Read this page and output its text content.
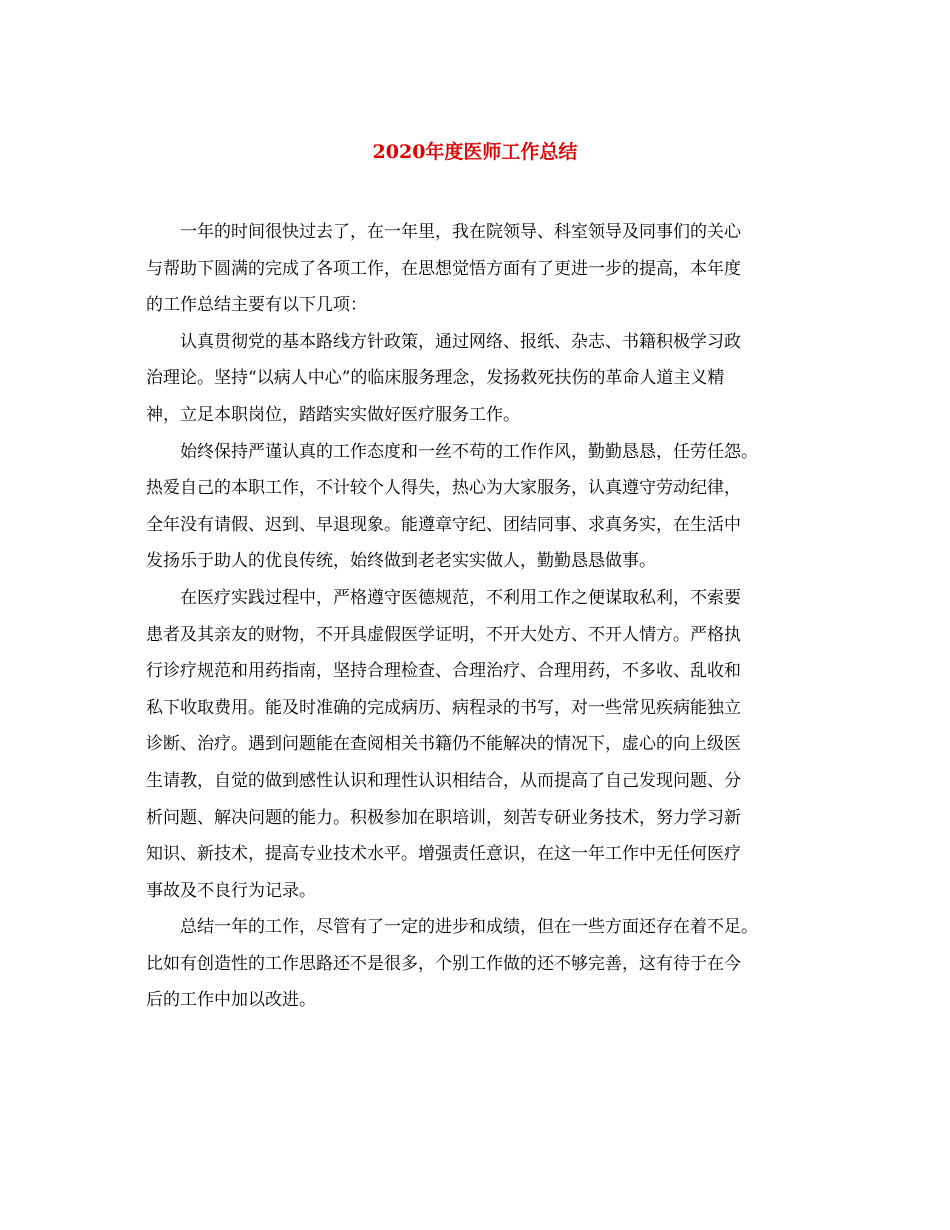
2020年度医师工作总结

一年的时间很快过去了，在一年里，我在院领导、科室领导及同事们的关心
与帮助下圆满的完成了各项工作，在思想觉悟方面有了更进一步的提高，本年度
的工作总结主要有以下几项：

认真贯彻党的基本路线方针政策，通过网络、报纸、杂志、书籍积极学习政
治理论。坚持“以病人中心”的临床服务理念，发扬救死扶伤的革命人道主义精
神，立足本职岗位，踏踏实实做好医疗服务工作。

始终保持严谨认真的工作态度和一丝不苟的工作作风，勤勤恳恳，任劳任怨。
热爱自己的本职工作，不计较个人得失，热心为大家服务，认真遵守劳动纪律，
全年没有请假、迟到、早退现象。能遵章守纪、团结同事、求真务实，在生活中
发扬乐于助人的优良传统，始终做到老老实实做人，勤勤恳恳做事。

在医疗实践过程中，严格遵守医德规范，不利用工作之便谋取私利，不索要
患者及其亲友的财物，不开具虚假医学证明，不开大处方、不开人情方。严格执
行诊疗规范和用药指南，坚持合理检查、合理治疗、合理用药，不多收、乱收和
私下收取费用。能及时准确的完成病历、病程录的书写，对一些常见疾病能独立
诊断、治疗。遇到问题能在查阅相关书籍仍不能解决的情况下，虚心的向上级医
生请教，自觉的做到感性认识和理性认识相结合，从而提高了自己发现问题、分
析问题、解决问题的能力。积极参加在职培训，刻苦专研业务技术，努力学习新
知识、新技术，提高专业技术水平。增强责任意识，在这一年工作中无任何医疗
事故及不良行为记录。

总结一年的工作，尽管有了一定的进步和成绩，但在一些方面还存在着不足。
比如有创造性的工作思路还不是很多，个别工作做的还不够完善，这有待于在今
后的工作中加以改进。
